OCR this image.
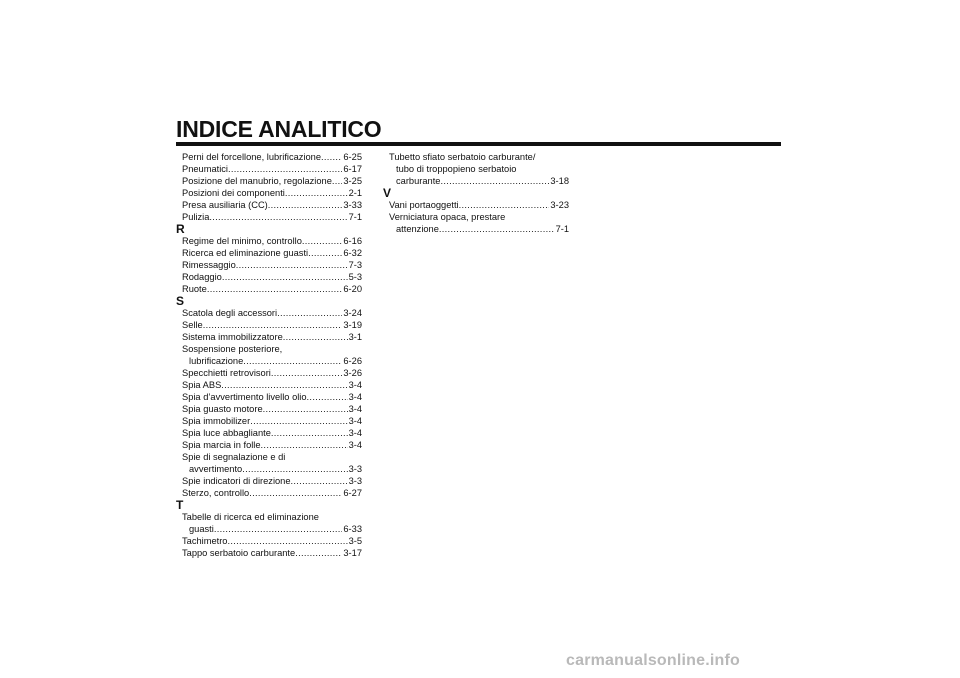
INDICE ANALITICO
Perni del forcellone, lubrificazione ..... 6-25
Pneumatici .....	6-17
Posizione del manubrio, regolazione ..... 3-25
Posizioni dei componenti .....	2-1
Presa ausiliaria (CC) .....	3-33
Pulizia .....	7-1
R
Regime del minimo, controllo .....	6-16
Ricerca ed eliminazione guasti .....	6-32
Rimessaggio .....	7-3
Rodaggio .....	5-3
Ruote .....	6-20
S
Scatola degli accessori .....	3-24
Selle .....	3-19
Sistema immobilizzatore .....	3-1
Sospensione posteriore,
lubrificazione .....	6-26
Specchietti retrovisori .....	3-26
Spia ABS .....	3-4
Spia d’avvertimento livello olio .....	3-4
Spia guasto motore .....	3-4
Spia immobilizer .....	3-4
Spia luce abbagliante .....	3-4
Spia marcia in folle .....	3-4
Spie di segnalazione e di
avvertimento .....	3-3
Spie indicatori di direzione .....	3-3
Sterzo, controllo .....	6-27
T
Tabelle di ricerca ed eliminazione
guasti .....	6-33
Tachimetro .....	3-5
Tappo serbatoio carburante .....	3-17
Tubetto sfiato serbatoio carburante/
tubo di troppopieno serbatoio
carburante .....	3-18
V
Vani portaoggetti .....	3-23
Verniciatura opaca, prestare
attenzione .....	7-1
carmanualsonline.info
